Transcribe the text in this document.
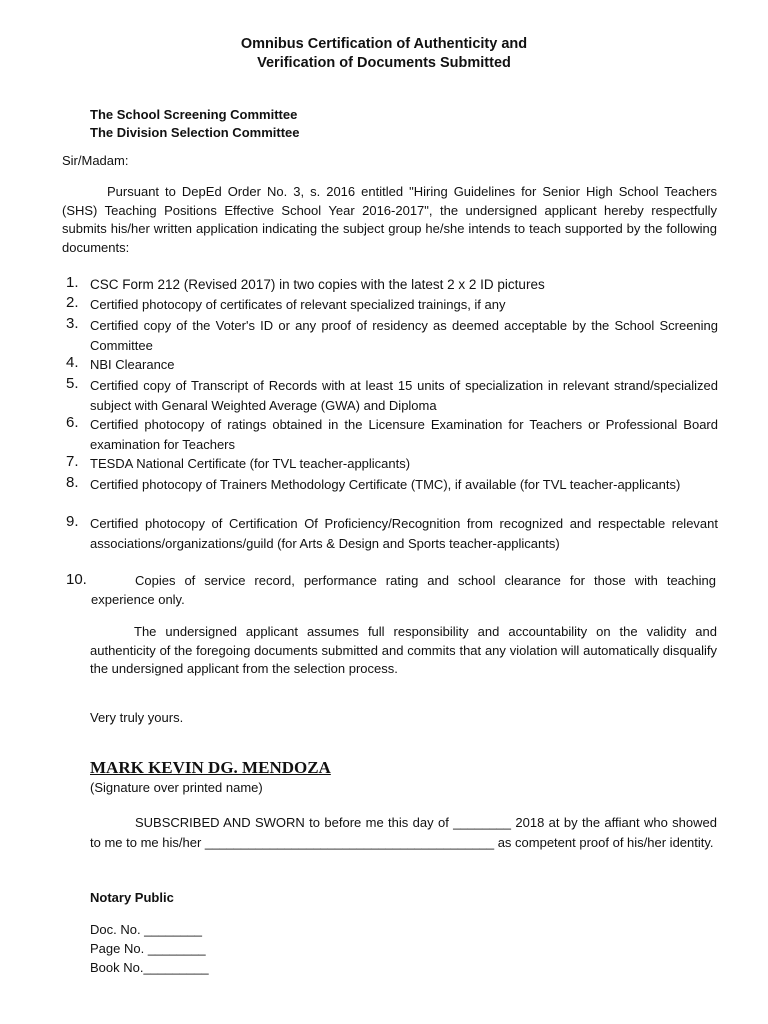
Omnibus Certification of Authenticity and
Verification of Documents Submitted
The School Screening Committee
The Division Selection Committee
Sir/Madam:
Pursuant to DepEd Order No. 3, s. 2016 entitled "Hiring Guidelines for Senior High School Teachers (SHS) Teaching Positions Effective School Year 2016-2017", the undersigned applicant hereby respectfully submits his/her written application indicating the subject group he/she intends to teach supported by the following documents:
1. CSC Form 212 (Revised 2017) in two copies with the latest 2 x 2 ID pictures
2. Certified photocopy of certificates of relevant specialized trainings, if any
3. Certified copy of the Voter's ID or any proof of residency as deemed acceptable by the School Screening Committee
4. NBI Clearance
5. Certified copy of Transcript of Records with at least 15 units of specialization in relevant strand/specialized subject with Genaral Weighted Average (GWA) and Diploma
6. Certified photocopy of ratings obtained in the Licensure Examination for Teachers or Professional Board examination for Teachers
7. TESDA National Certificate (for TVL teacher-applicants)
8. Certified photocopy of Trainers Methodology Certificate (TMC), if available (for TVL teacher-applicants)
9. Certified photocopy of Certification Of Proficiency/Recognition from recognized and respectable relevant associations/organizations/guild (for Arts & Design and Sports teacher-applicants)
10.	Copies of service record, performance rating and school clearance for those with teaching experience only.
The undersigned applicant assumes full responsibility and accountability on the validity and authenticity of the foregoing documents submitted and commits that any violation will automatically disqualify the undersigned applicant from the selection process.
Very truly yours.
MARK KEVIN DG. MENDOZA
(Signature over printed name)
SUBSCRIBED AND SWORN to before me this day of ________ 2018 at by the affiant who showed to me to me his/her ________________________________________ as competent proof of his/her identity.
Notary Public
Doc. No. ________
Page No. ________
Book No._________
